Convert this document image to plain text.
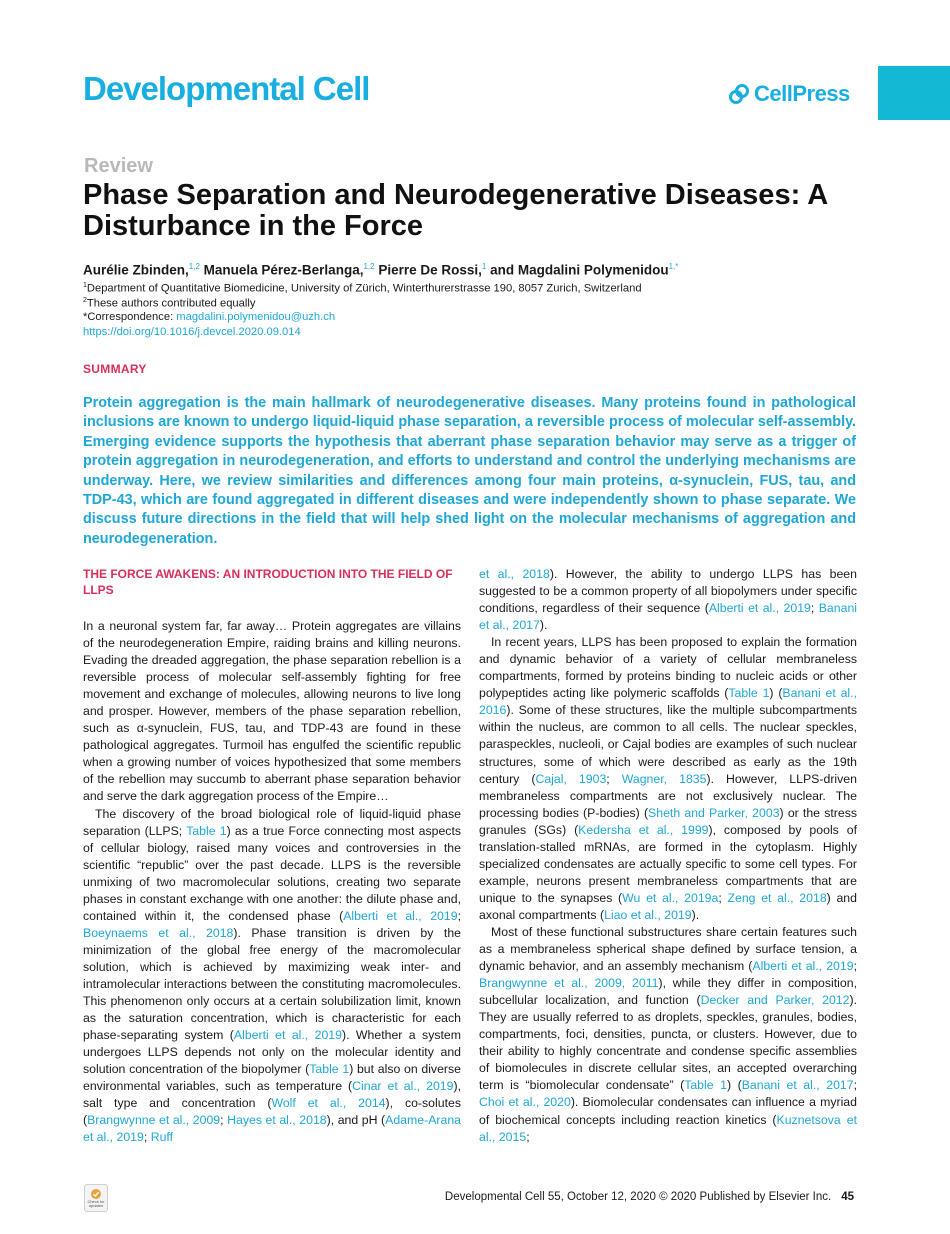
Developmental Cell	CellPress
Review
Phase Separation and Neurodegenerative Diseases: A Disturbance in the Force
Aurélie Zbinden,$^{1,2}$ Manuela Pérez-Berlanga,$^{1,2}$ Pierre De Rossi,$^1$ and Magdalini Polymenidou$^{1,*}$
$^1$Department of Quantitative Biomedicine, University of Zürich, Winterthurerstrasse 190, 8057 Zurich, Switzerland
$^2$These authors contributed equally
*Correspondence: magdalini.polymenidou@uzh.ch
https://doi.org/10.1016/j.devcel.2020.09.014
SUMMARY

Protein aggregation is the main hallmark of neurodegenerative diseases. Many proteins found in pathological inclusions are known to undergo liquid-liquid phase separation, a reversible process of molecular self-assembly. Emerging evidence supports the hypothesis that aberrant phase separation behavior may serve as a trigger of protein aggregation in neurodegeneration, and efforts to understand and control the underlying mechanisms are underway. Here, we review similarities and differences among four main proteins, α-synuclein, FUS, tau, and TDP-43, which are found aggregated in different diseases and were independently shown to phase separate. We discuss future directions in the field that will help shed light on the molecular mechanisms of aggregation and neurodegeneration.

THE FORCE AWAKENS: AN INTRODUCTION INTO THE FIELD OF LLPS

In a neuronal system far, far away… Protein aggregates are villains of the neurodegeneration Empire, raiding brains and killing neurons. Evading the dreaded aggregation, the phase separation rebellion is a reversible process of molecular self-assembly fighting for free movement and exchange of molecules, allowing neurons to live long and prosper. However, members of the phase separation rebellion, such as α-synuclein, FUS, tau, and TDP-43 are found in these pathological aggregates. Turmoil has engulfed the scientific republic when a growing number of voices hypothesized that some members of the rebellion may succumb to aberrant phase separation behavior and serve the dark aggregation process of the Empire…

The discovery of the broad biological role of liquid-liquid phase separation (LLPS; Table 1) as a true Force connecting most aspects of cellular biology, raised many voices and controversies in the scientific “republic” over the past decade. LLPS is the reversible unmixing of two macromolecular solutions, creating two separate phases in constant exchange with one another: the dilute phase and, contained within it, the condensed phase (Alberti et al., 2019; Boeynaems et al., 2018). Phase transition is driven by the minimization of the global free energy of the macromolecular solution, which is achieved by maximizing weak inter- and intramolecular interactions between the constituting macromolecules. This phenomenon only occurs at a certain solubilization limit, known as the saturation concentration, which is characteristic for each phase-separating system (Alberti et al., 2019). Whether a system undergoes LLPS depends not only on the molecular identity and solution concentration of the biopolymer (Table 1) but also on diverse environmental variables, such as temperature (Cinar et al., 2019), salt type and concentration (Wolf et al., 2014), co-solutes (Brangwynne et al., 2009; Hayes et al., 2018), and pH (Adame-Arana et al., 2019; Ruff

et al., 2018). However, the ability to undergo LLPS has been suggested to be a common property of all biopolymers under specific conditions, regardless of their sequence (Alberti et al., 2019; Banani et al., 2017).

In recent years, LLPS has been proposed to explain the formation and dynamic behavior of a variety of cellular membraneless compartments, formed by proteins binding to nucleic acids or other polypeptides acting like polymeric scaffolds (Table 1) (Banani et al., 2016). Some of these structures, like the multiple subcompartments within the nucleus, are common to all cells. The nuclear speckles, paraspeckles, nucleoli, or Cajal bodies are examples of such nuclear structures, some of which were described as early as the 19th century (Cajal, 1903; Wagner, 1835). However, LLPS-driven membraneless compartments are not exclusively nuclear. The processing bodies (P-bodies) (Sheth and Parker, 2003) or the stress granules (SGs) (Kedersha et al., 1999), composed by pools of translation-stalled mRNAs, are formed in the cytoplasm. Highly specialized condensates are actually specific to some cell types. For example, neurons present membraneless compartments that are unique to the synapses (Wu et al., 2019a; Zeng et al., 2018) and axonal compartments (Liao et al., 2019).

Most of these functional substructures share certain features such as a membraneless spherical shape defined by surface tension, a dynamic behavior, and an assembly mechanism (Alberti et al., 2019; Brangwynne et al., 2009, 2011), while they differ in composition, subcellular localization, and function (Decker and Parker, 2012). They are usually referred to as droplets, speckles, granules, bodies, compartments, foci, densities, puncta, or clusters. However, due to their ability to highly concentrate and condense specific assemblies of biomolecules in discrete cellular sites, an accepted overarching term is “biomolecular condensate” (Table 1) (Banani et al., 2017; Choi et al., 2020). Biomolecular condensates can influence a myriad of biochemical concepts including reaction kinetics (Kuznetsova et al., 2015;

Check for updates
Developmental Cell 55, October 12, 2020 © 2020 Published by Elsevier Inc. 45
